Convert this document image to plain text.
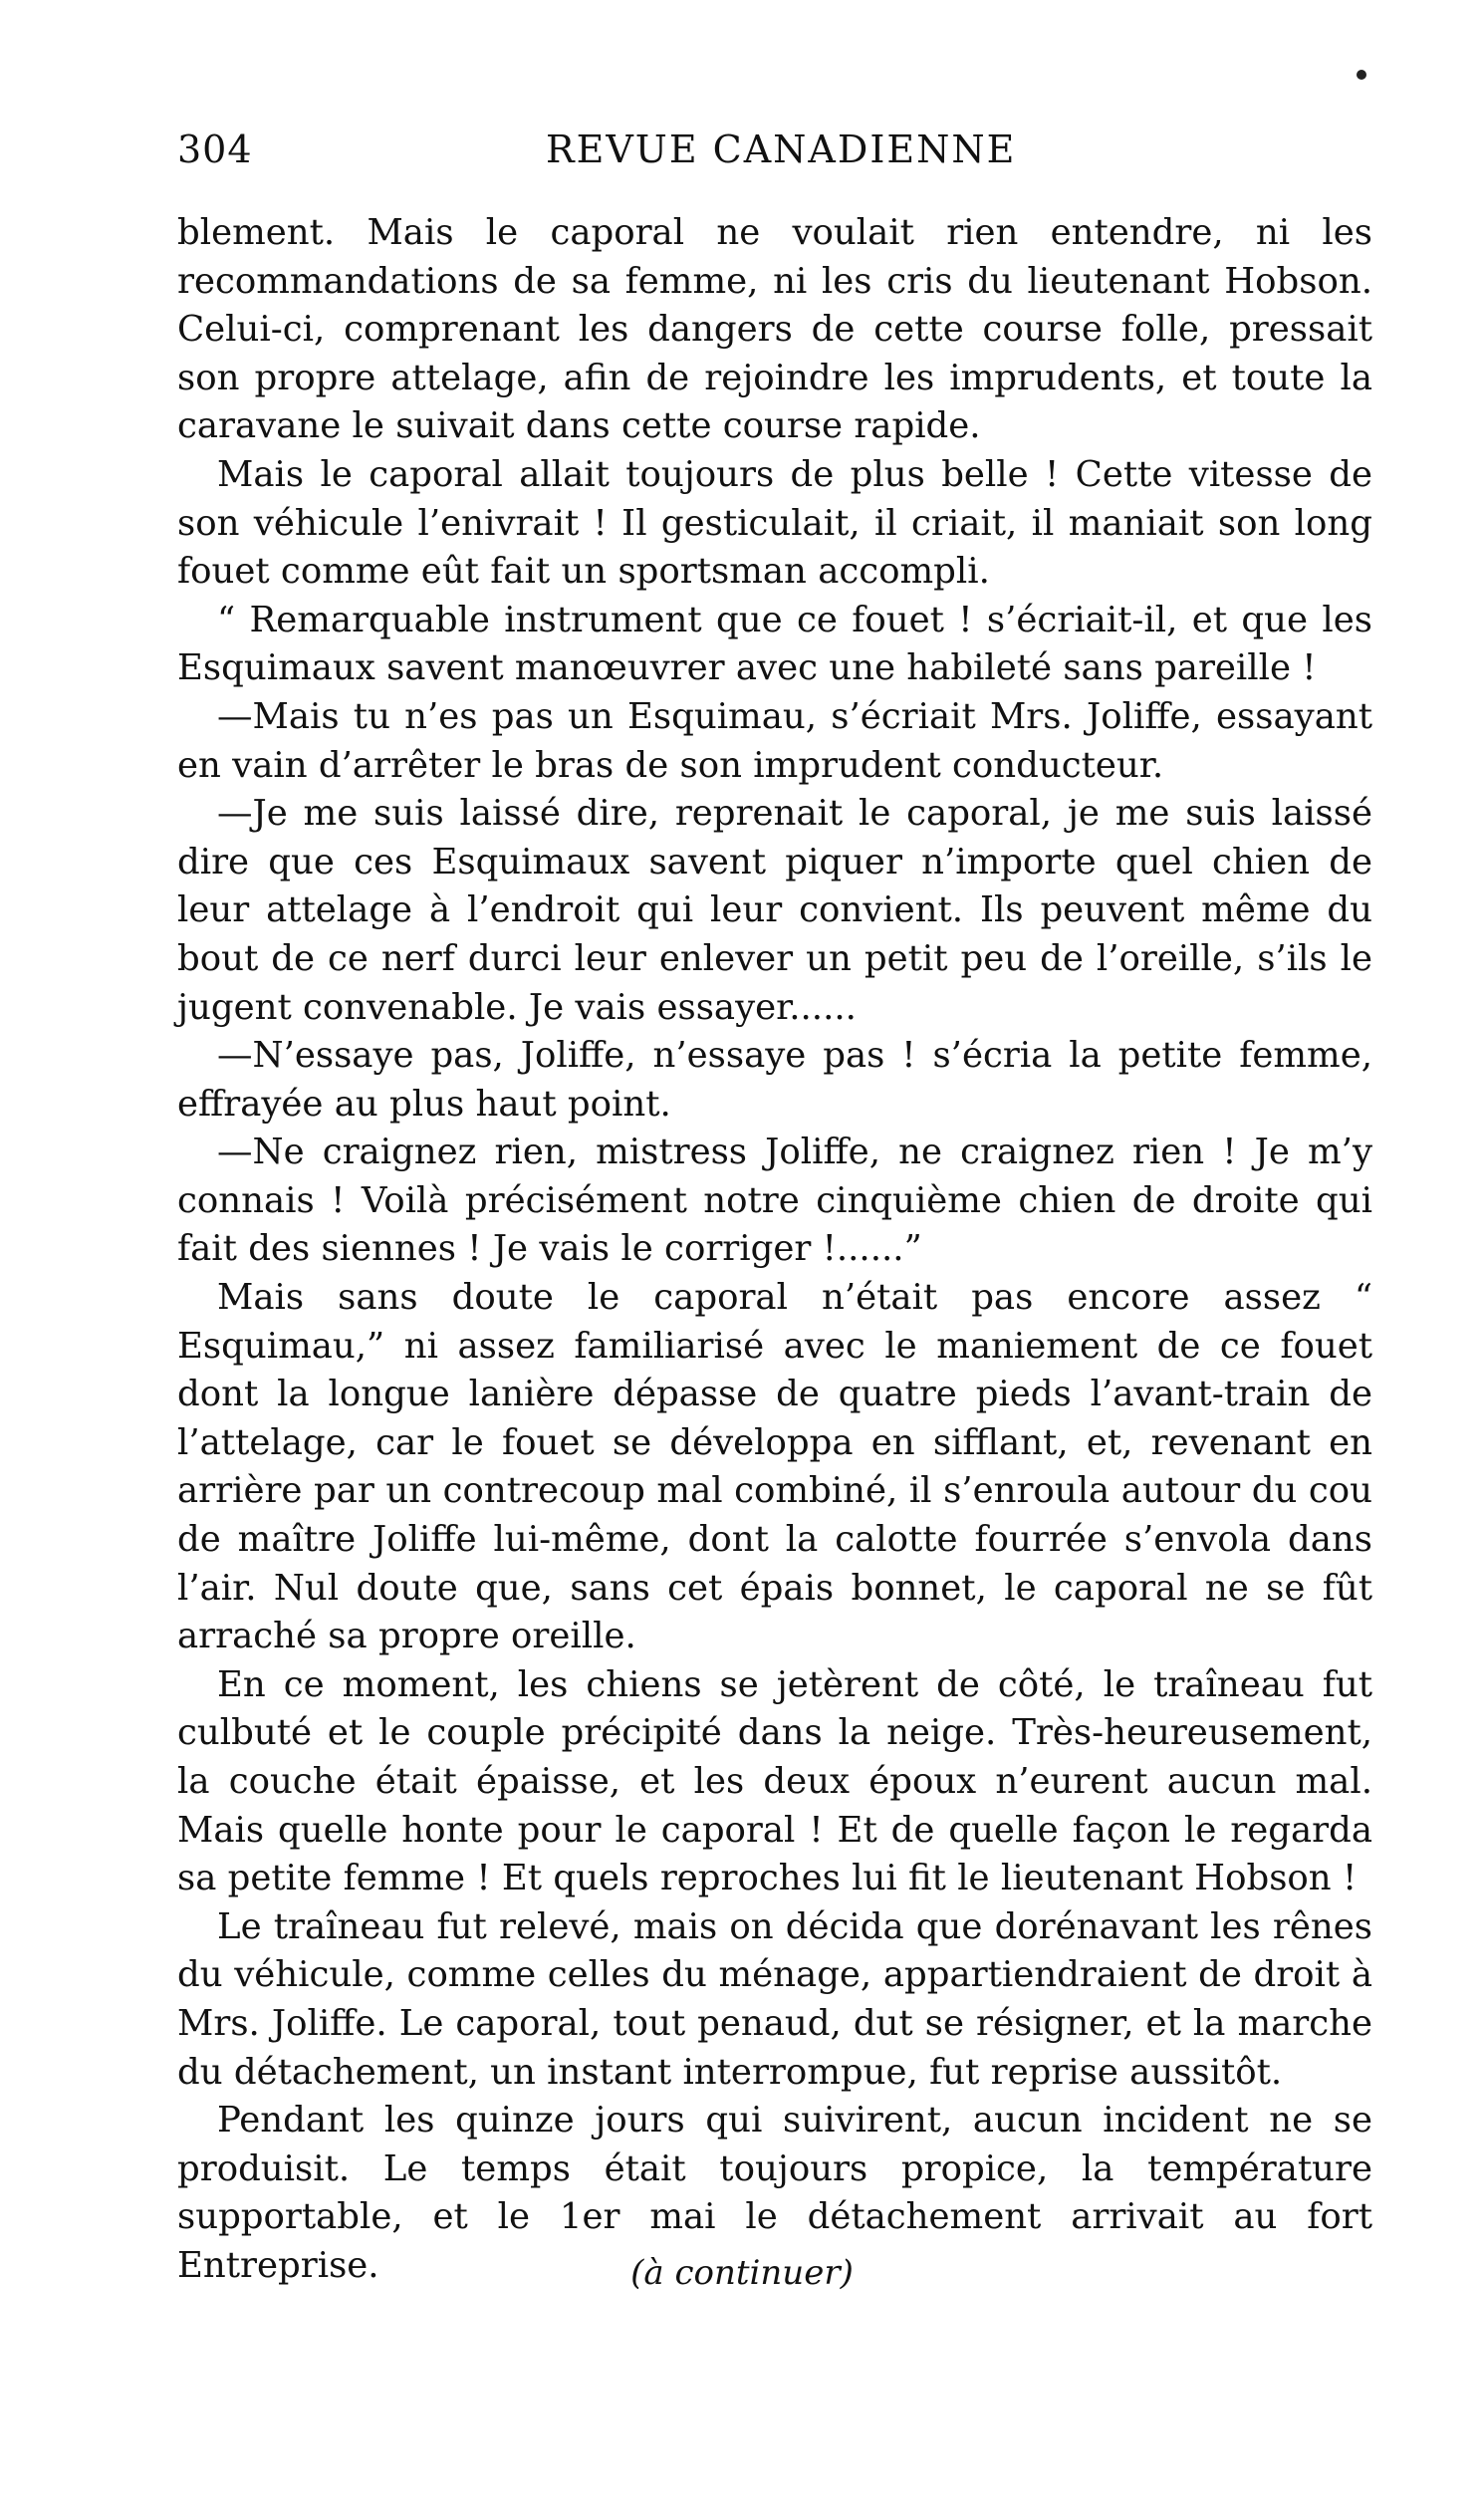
304	REVUE CANADIENNE

blement. Mais le caporal ne voulait rien entendre, ni les recommandations de sa femme, ni les cris du lieutenant Hobson. Celui-ci, comprenant les dangers de cette course folle, pressait son propre attelage, afin de rejoindre les imprudents, et toute la caravane le suivait dans cette course rapide.

Mais le caporal allait toujours de plus belle ! Cette vitesse de son véhicule l’enivrait ! Il gesticulait, il criait, il maniait son long fouet comme eût fait un sportsman accompli.

“ Remarquable instrument que ce fouet ! s’écriait-il, et que les Esquimaux savent manœuvrer avec une habileté sans pareille !

—Mais tu n’es pas un Esquimau, s’écriait Mrs. Joliffe, essayant en vain d’arrêter le bras de son imprudent conducteur.

—Je me suis laissé dire, reprenait le caporal, je me suis laissé dire que ces Esquimaux savent piquer n’importe quel chien de leur attelage à l’endroit qui leur convient. Ils peuvent même du bout de ce nerf durci leur enlever un petit peu de l’oreille, s’ils le jugent convenable. Je vais essayer......

—N’essaye pas, Joliffe, n’essaye pas ! s’écria la petite femme, effrayée au plus haut point.

—Ne craignez rien, mistress Joliffe, ne craignez rien ! Je m’y connais ! Voilà précisément notre cinquième chien de droite qui fait des siennes ! Je vais le corriger !......”

Mais sans doute le caporal n’était pas encore assez “ Esquimau,” ni assez familiarisé avec le maniement de ce fouet dont la longue lanière dépasse de quatre pieds l’avant-train de l’attelage, car le fouet se développa en sifflant, et, revenant en arrière par un contrecoup mal combiné, il s’enroula autour du cou de maître Joliffe lui-même, dont la calotte fourrée s’envola dans l’air. Nul doute que, sans cet épais bonnet, le caporal ne se fût arraché sa propre oreille.

En ce moment, les chiens se jetèrent de côté, le traîneau fut culbuté et le couple précipité dans la neige. Très-heureusement, la couche était épaisse, et les deux époux n’eurent aucun mal. Mais quelle honte pour le caporal ! Et de quelle façon le regarda sa petite femme ! Et quels reproches lui fit le lieutenant Hobson !

Le traîneau fut relevé, mais on décida que dorénavant les rênes du véhicule, comme celles du ménage, appartiendraient de droit à Mrs. Joliffe. Le caporal, tout penaud, dut se résigner, et la marche du détachement, un instant interrompue, fut reprise aussitôt.

Pendant les quinze jours qui suivirent, aucun incident ne se produisit. Le temps était toujours propice, la température supportable, et le 1er mai le détachement arrivait au fort Entreprise.	(à continuer)
